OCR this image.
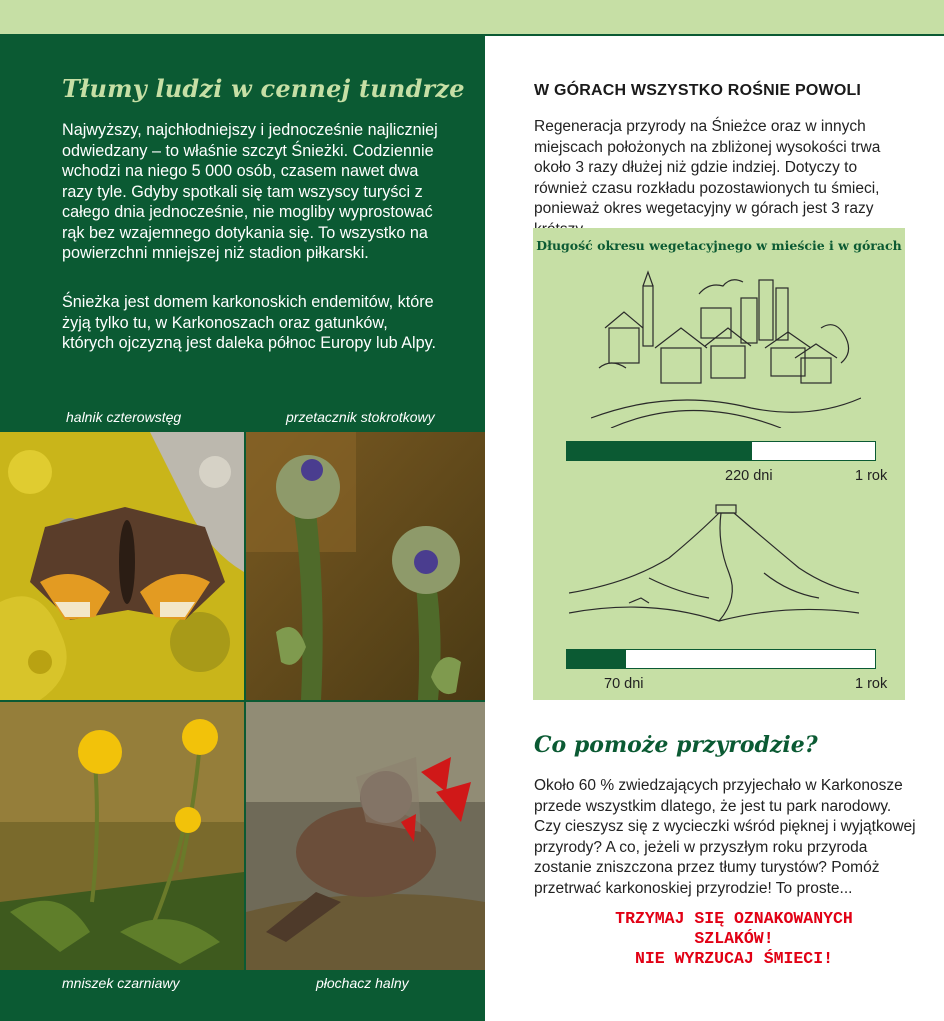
Tłumy ludzi w cennej tundrze

Najwyższy, najchłodniejszy i jednocześnie najliczniej odwiedzany – to właśnie szczyt Śnieżki. Codziennie wchodzi na niego 5 000 osób, czasem nawet dwa razy tyle. Gdyby spotkali się tam wszyscy turyści z całego dnia jednocześnie, nie mogliby wyprostować rąk bez wzajemnego dotykania się. To wszystko na powierzchni mniejszej niż stadion piłkarski.

Śnieżka jest domem karkonoskich endemitów, które żyją tylko tu, w Karkonoszach oraz gatunków, których ojczyzną jest daleka północ Europy lub Alpy.

halnik czterowstęg	przetacznik stokrotkowy
mniszek czarniawy	płochacz halny
W GÓRACH WSZYSTKO ROŚNIE POWOLI

Regeneracja przyrody na Śnieżce oraz w innych miejscach położonych na zbliżonej wysokości trwa około 3 razy dłużej niż gdzie indziej. Dotyczy to również czasu rozkładu pozostawionych tu śmieci, ponieważ okres wegetacyjny w górach jest 3 razy

Długość okresu wegetacyjnego w mieście i w górach
220 dni	1 rok
70 dni	1 rok
Co pomoże przyrodzie?

Około 60 % zwiedzających przyjechało w Karkonosze przede wszystkim dlatego, że jest tu park narodowy. Czy cieszysz się z wycieczki wśród pięknej i wyjątkowej przyrody? A co, jeżeli w przyszłym roku przyroda zostanie zniszczona przez tłumy turystów? Pomóż przetrwać karkonoskiej przyrodzie! To proste...

TRZYMAJ SIĘ OZNAKOWANYCH
SZLAKÓW!
NIE WYRZUCAJ ŚMIECI!
